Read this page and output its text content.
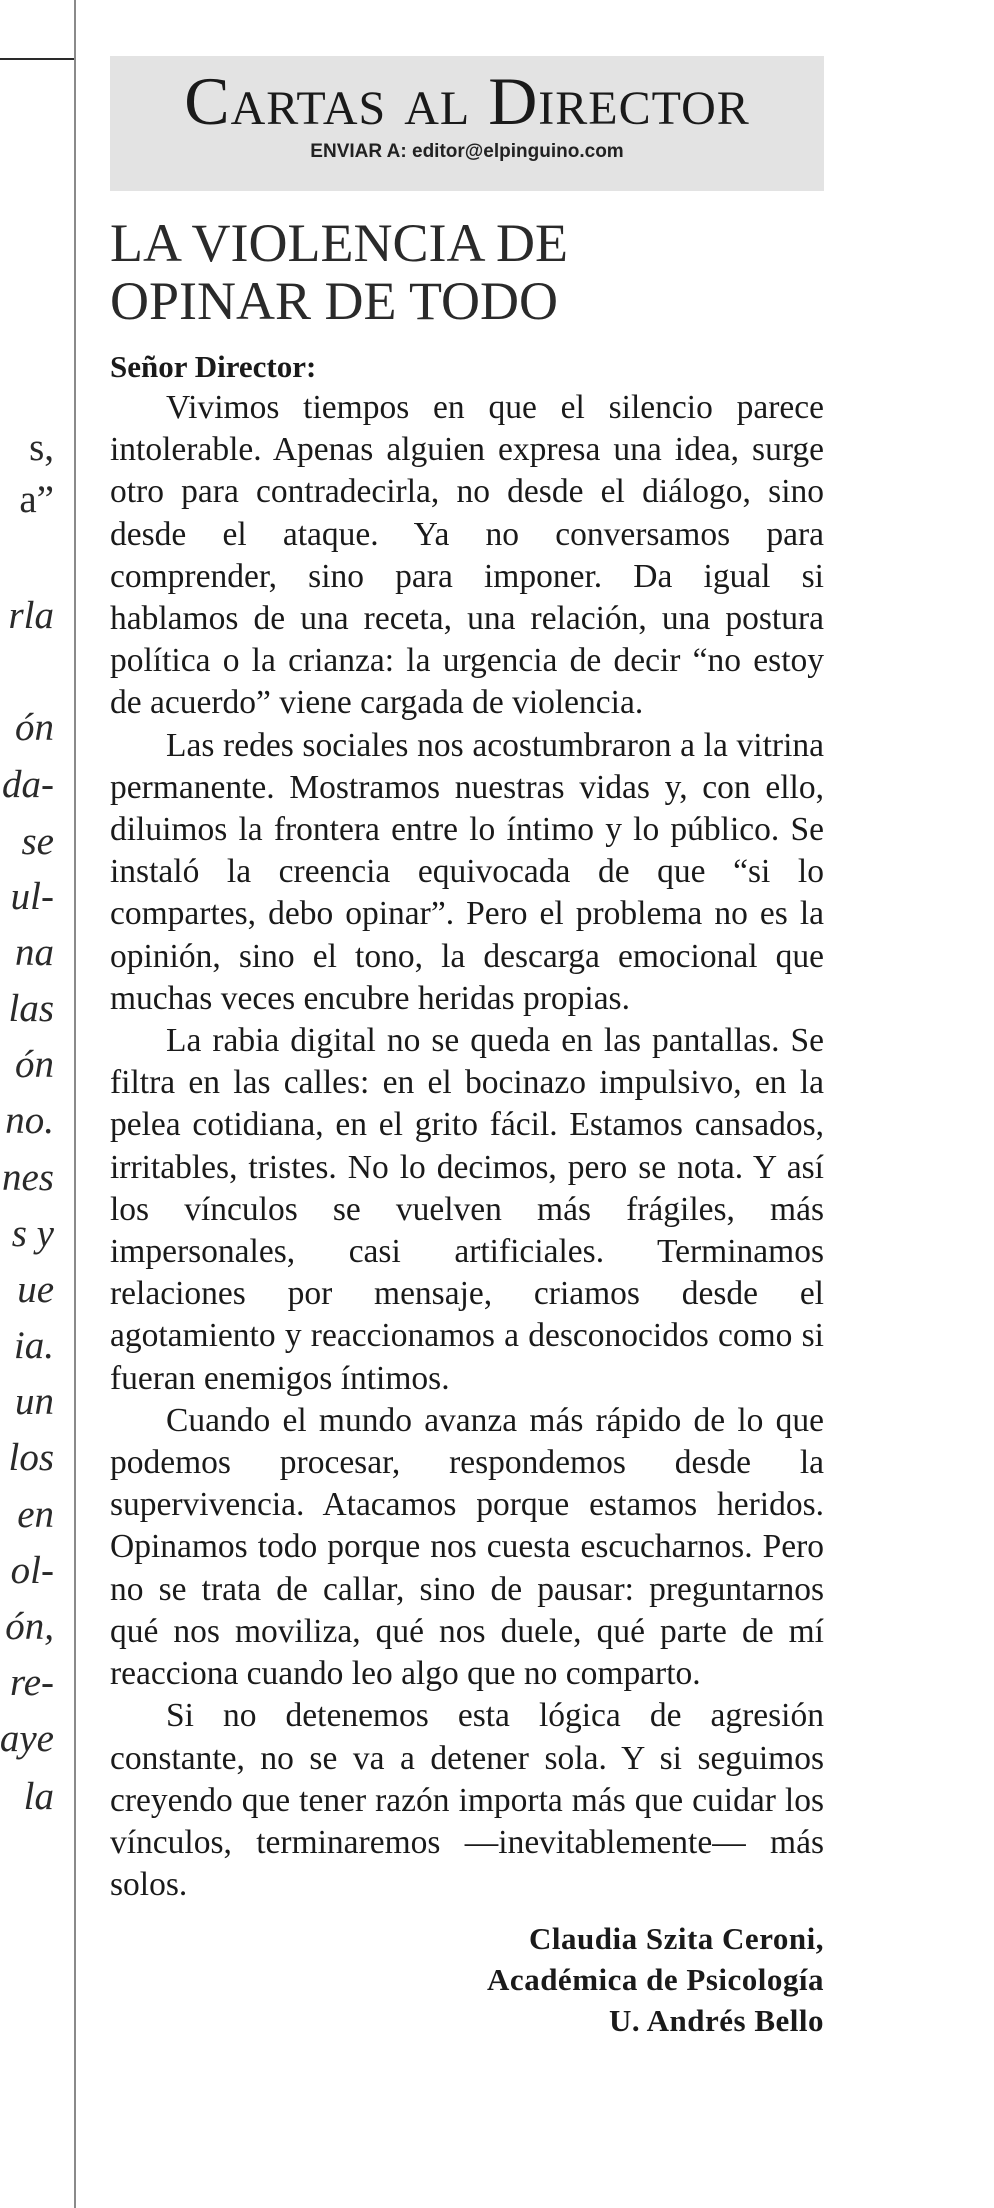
s,

a”

rla

ón

da-

se

ul-

na

las

ón

no.

nes

s y

ue

ia.

un

los

en

ol-

ón,

re-

aye

la

Cartas al Director

ENVIAR A: editor@elpinguino.com

LA VIOLENCIA DE
OPINAR DE TODO
Señor Director:

Vivimos tiempos en que el silencio parece intolerable. Apenas alguien expresa una idea, surge otro para contradecirla, no desde el diálogo, sino desde el ataque. Ya no conversamos para comprender, sino para imponer. Da igual si hablamos de una receta, una relación, una postura política o la crianza: la urgencia de decir “no estoy de acuerdo” viene cargada de violencia.

Las redes sociales nos acostumbraron a la vitrina permanente. Mostramos nuestras vidas y, con ello, diluimos la frontera entre lo íntimo y lo público. Se instaló la creencia equivocada de que “si lo compartes, debo opinar”. Pero el problema no es la opinión, sino el tono, la descarga emocional que muchas veces encubre heridas propias.

La rabia digital no se queda en las pantallas. Se filtra en las calles: en el bocinazo impulsivo, en la pelea cotidiana, en el grito fácil. Estamos cansados, irritables, tristes. No lo decimos, pero se nota. Y así los vínculos se vuelven más frágiles, más impersonales, casi artificiales. Terminamos relaciones por mensaje, criamos desde el agotamiento y reaccionamos a desconocidos como si fueran enemigos íntimos.

Cuando el mundo avanza más rápido de lo que podemos procesar, respondemos desde la supervivencia. Atacamos porque estamos heridos. Opinamos todo porque nos cuesta escucharnos. Pero no se trata de callar, sino de pausar: preguntarnos qué nos moviliza, qué nos duele, qué parte de mí reacciona cuando leo algo que no comparto.

Si no detenemos esta lógica de agresión constante, no se va a detener sola. Y si seguimos creyendo que tener razón importa más que cuidar los vínculos, terminaremos —inevitablemente— más solos.

Claudia Szita Ceroni,
Académica de Psicología
U. Andrés Bello
